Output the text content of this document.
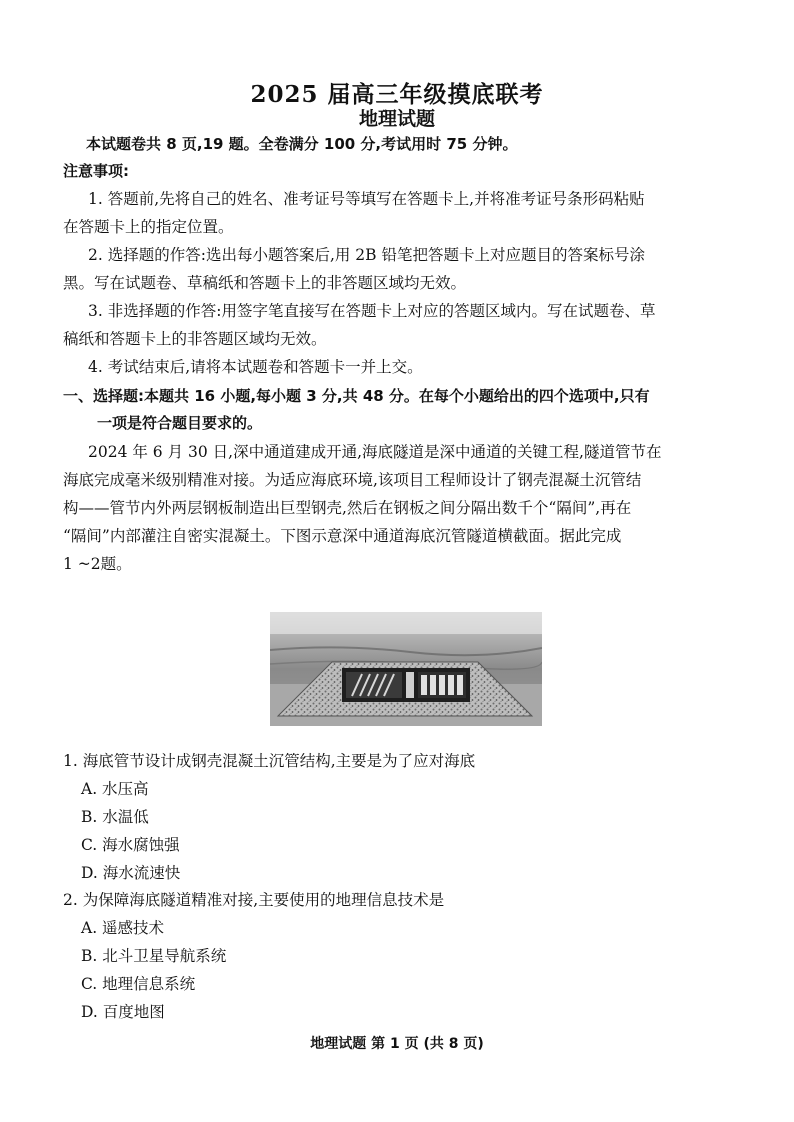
2025 届高三年级摸底联考
地理试题
本试题卷共 8 页,19 题。全卷满分 100 分,考试用时 75 分钟。
注意事项:
1. 答题前,先将自己的姓名、准考证号等填写在答题卡上,并将准考证号条形码粘贴
在答题卡上的指定位置。
2. 选择题的作答:选出每小题答案后,用 2B 铅笔把答题卡上对应题目的答案标号涂
黑。写在试题卷、草稿纸和答题卡上的非答题区域均无效。
3. 非选择题的作答:用签字笔直接写在答题卡上对应的答题区域内。写在试题卷、草
稿纸和答题卡上的非答题区域均无效。
4. 考试结束后,请将本试题卷和答题卡一并上交。
一、选择题:本题共 16 小题,每小题 3 分,共 48 分。在每个小题给出的四个选项中,只有
一项是符合题目要求的。
2024 年 6 月 30 日,深中通道建成开通,海底隧道是深中通道的关键工程,隧道管节在
海底完成毫米级别精准对接。为适应海底环境,该项目工程师设计了钢壳混凝土沉管结
构——管节内外两层钢板制造出巨型钢壳,然后在钢板之间分隔出数千个“隔间”,再在
“隔间”内部灌注自密实混凝土。下图示意深中通道海底沉管隧道横截面。据此完成
1 ~2题。
1. 海底管节设计成钢壳混凝土沉管结构,主要是为了应对海底
A. 水压高
B. 水温低
C. 海水腐蚀强
D. 海水流速快
2. 为保障海底隧道精准对接,主要使用的地理信息技术是
A. 遥感技术
B. 北斗卫星导航系统
C. 地理信息系统
D. 百度地图
地理试题 第 1 页 (共 8 页)
